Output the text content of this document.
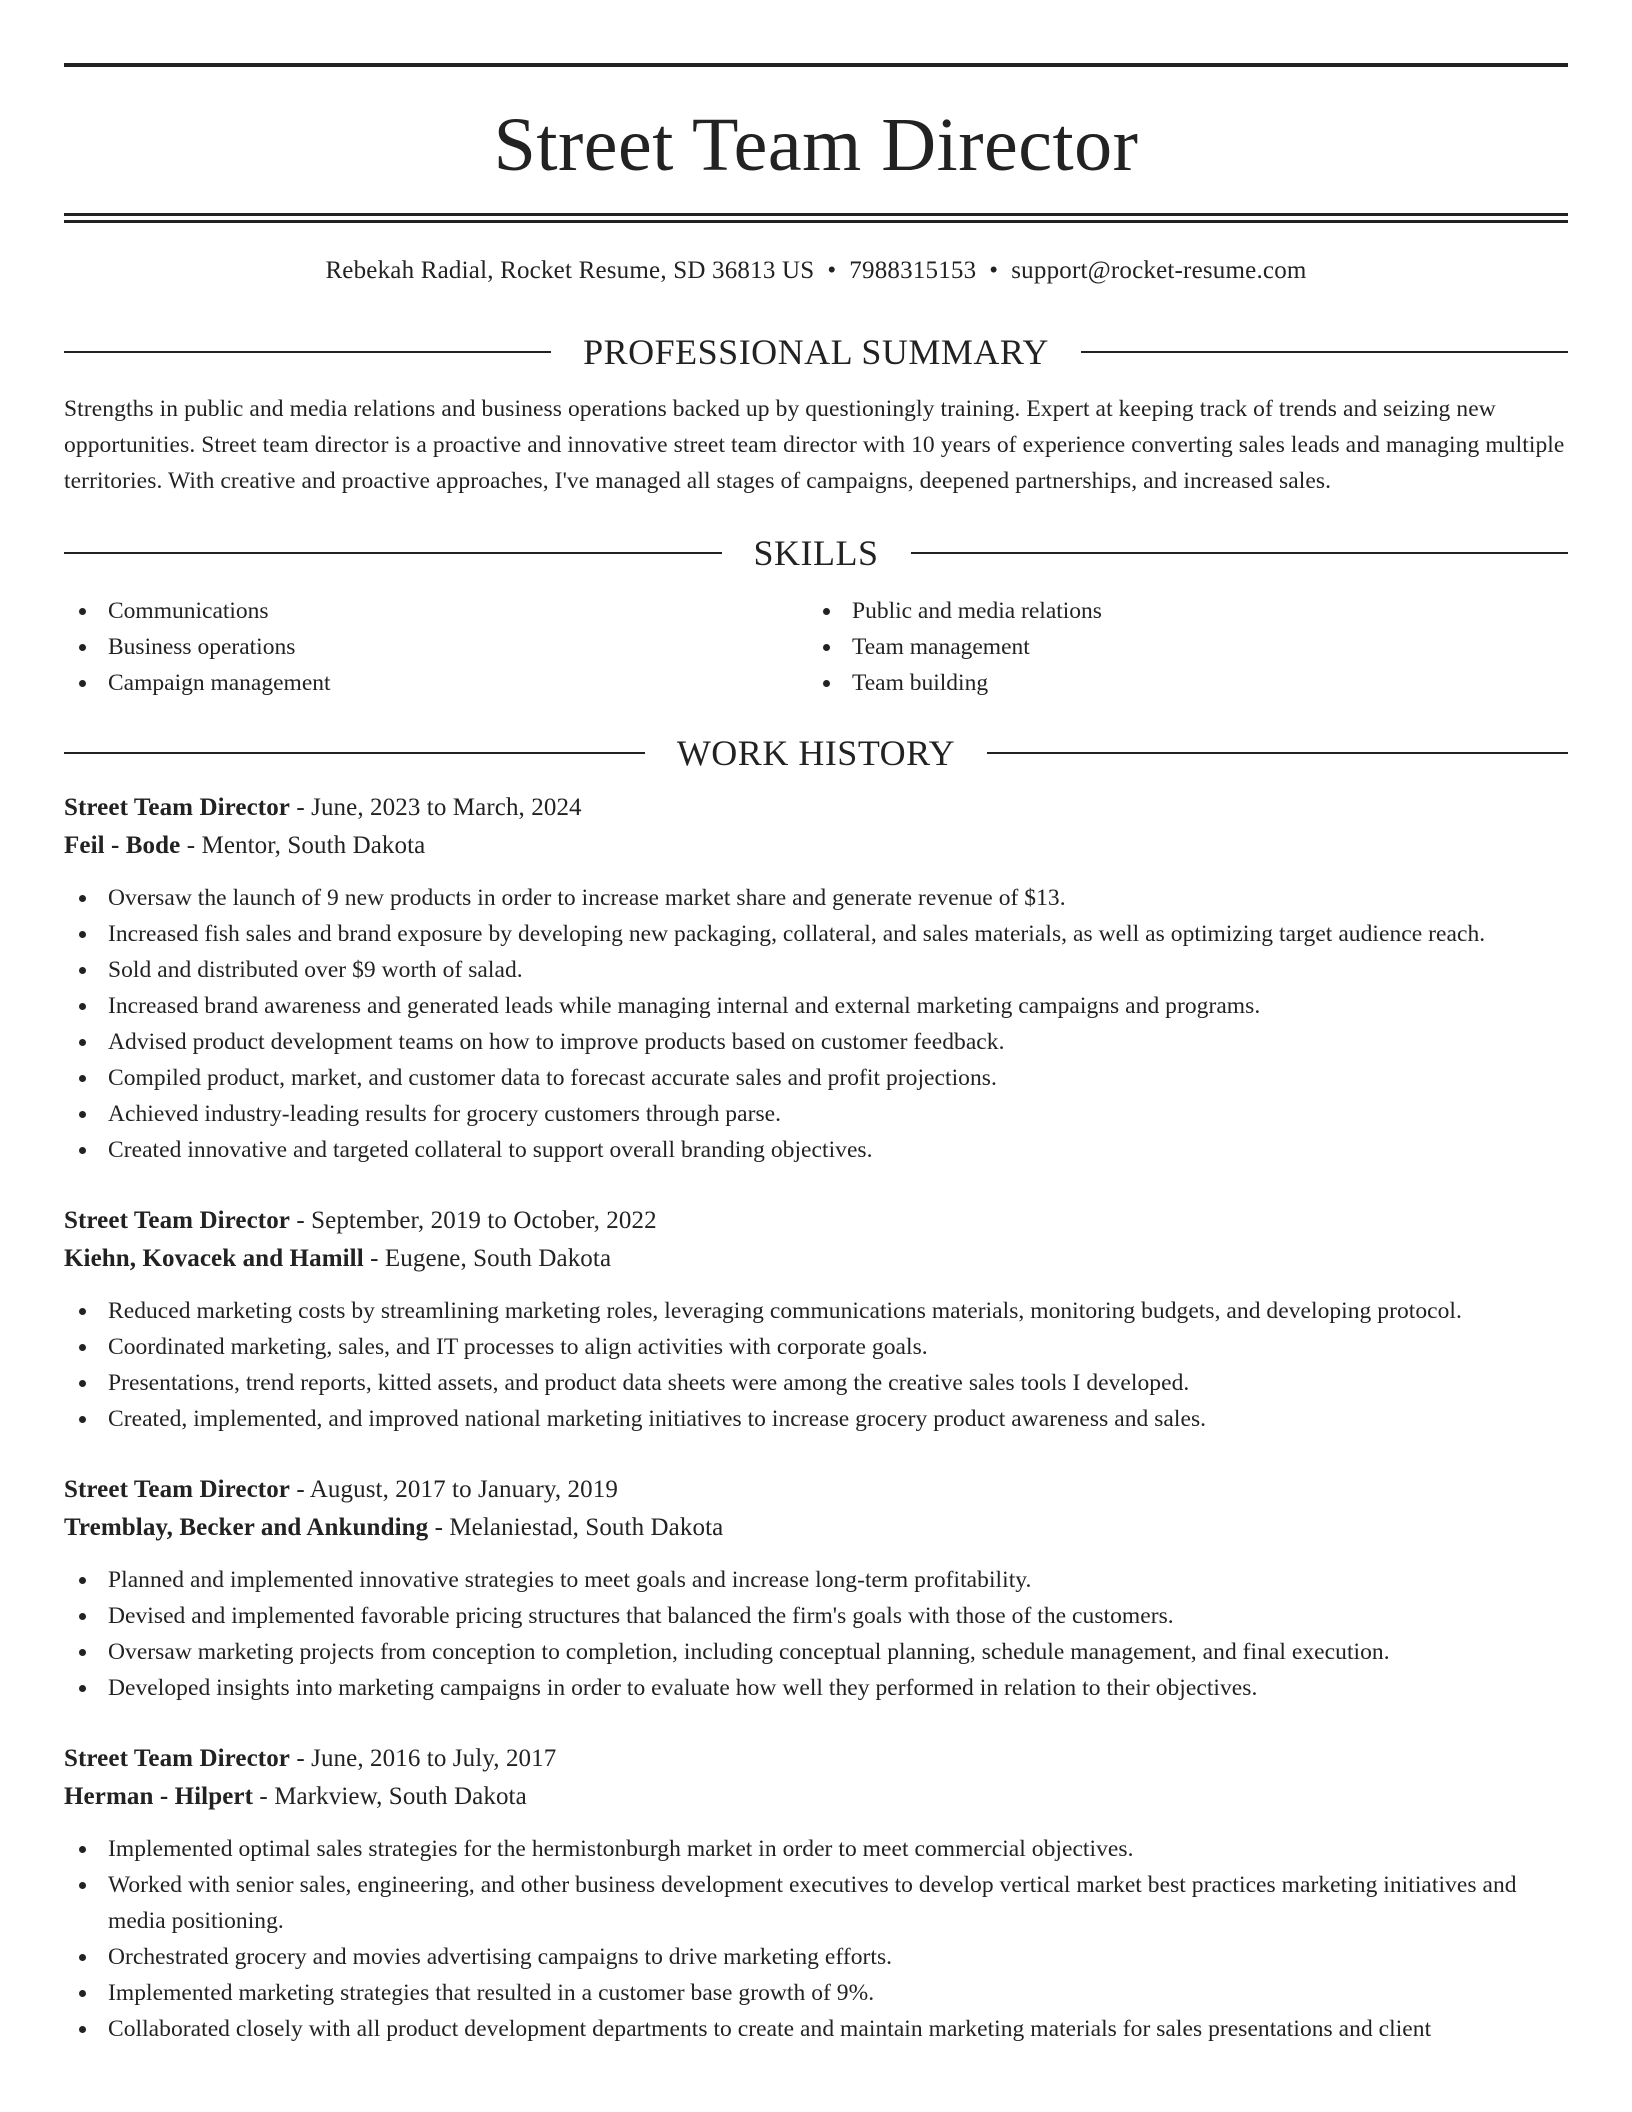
Street Team Director
Rebekah Radial, Rocket Resume, SD 36813 US • 7988315153 • support@rocket-resume.com
PROFESSIONAL SUMMARY

Strengths in public and media relations and business operations backed up by questioningly training. Expert at keeping track of trends and seizing new opportunities. Street team director is a proactive and innovative street team director with 10 years of experience converting sales leads and managing multiple territories. With creative and proactive approaches, I've managed all stages of campaigns, deepened partnerships, and increased sales.

SKILLS
Communications
Business operations
Campaign management
Public and media relations
Team management
Team building
WORK HISTORY
Street Team Director - June, 2023 to March, 2024
Feil - Bode - Mentor, South Dakota
Oversaw the launch of 9 new products in order to increase market share and generate revenue of $13.
Increased fish sales and brand exposure by developing new packaging, collateral, and sales materials, as well as optimizing target audience reach.
Sold and distributed over $9 worth of salad.
Increased brand awareness and generated leads while managing internal and external marketing campaigns and programs.
Advised product development teams on how to improve products based on customer feedback.
Compiled product, market, and customer data to forecast accurate sales and profit projections.
Achieved industry-leading results for grocery customers through parse.
Created innovative and targeted collateral to support overall branding objectives.
Street Team Director - September, 2019 to October, 2022
Kiehn, Kovacek and Hamill - Eugene, South Dakota
Reduced marketing costs by streamlining marketing roles, leveraging communications materials, monitoring budgets, and developing protocol.
Coordinated marketing, sales, and IT processes to align activities with corporate goals.
Presentations, trend reports, kitted assets, and product data sheets were among the creative sales tools I developed.
Created, implemented, and improved national marketing initiatives to increase grocery product awareness and sales.
Street Team Director - August, 2017 to January, 2019
Tremblay, Becker and Ankunding - Melaniestad, South Dakota
Planned and implemented innovative strategies to meet goals and increase long-term profitability.
Devised and implemented favorable pricing structures that balanced the firm's goals with those of the customers.
Oversaw marketing projects from conception to completion, including conceptual planning, schedule management, and final execution.
Developed insights into marketing campaigns in order to evaluate how well they performed in relation to their objectives.
Street Team Director - June, 2016 to July, 2017
Herman - Hilpert - Markview, South Dakota
Implemented optimal sales strategies for the hermistonburgh market in order to meet commercial objectives.
Worked with senior sales, engineering, and other business development executives to develop vertical market best practices marketing initiatives and media positioning.
Orchestrated grocery and movies advertising campaigns to drive marketing efforts.
Implemented marketing strategies that resulted in a customer base growth of 9%.
Collaborated closely with all product development departments to create and maintain marketing materials for sales presentations and client
